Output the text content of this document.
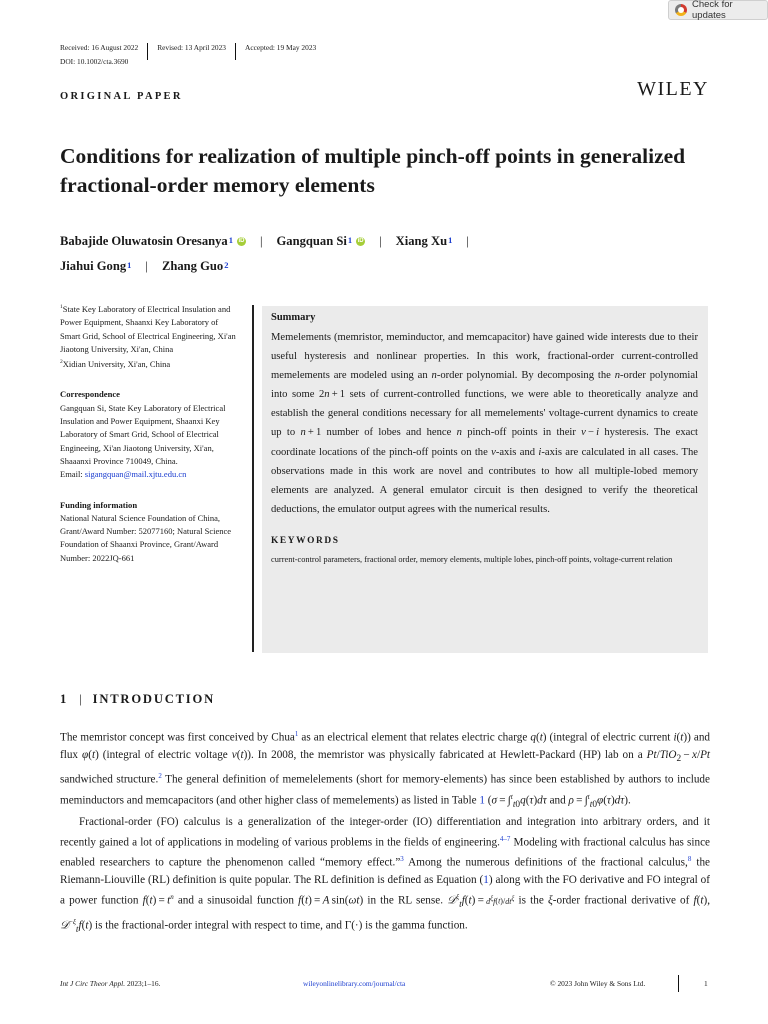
Check for updates
Received: 16 August 2022	Revised: 13 April 2023	Accepted: 19 May 2023
DOI: 10.1002/cta.3690
ORIGINAL PAPER	WILEY
Conditions for realization of multiple pinch-off points in generalized fractional-order memory elements
Babajide Oluwatosin Oresanya$^1$ iD | Gangquan Si$^1$ iD | Xiang Xu$^1$ |
Jiahui Gong$^1$ | Zhang Guo$^2$

$^1$State Key Laboratory of Electrical Insulation and Power Equipment, Shaanxi Key Laboratory of Smart Grid, School of Electrical Engineering, Xi'an Jiaotong University, Xi'an, China

$^2$Xidian University, Xi'an, China

Correspondence

Gangquan Si, State Key Laboratory of Electrical Insulation and Power Equipment, Shaanxi Key Laboratory of Smart Grid, School of Electrical Engineeing, Xi'an Jiaotong University, Xi'an, Shaaanxi Province 710049, China.
Email: sigangquan@mail.xjtu.edu.cn

Funding information

National Natural Science Foundation of China, Grant/Award Number: 52077160; Natural Science Foundation of Shaanxi Province, Grant/Award Number: 2022JQ-661

Summary

Memelements (memristor, meminductor, and memcapacitor) have gained wide interests due to their useful hysteresis and nonlinear properties. In this work, fractional-order current-controlled memelements are modeled using an n-order polynomial. By decomposing the n-order polynomial into some 2n + 1 sets of current-controlled functions, we were able to theoretically analyze and establish the general conditions necessary for all memelements' voltage-current dynamics to create up to n + 1 number of lobes and hence n pinch-off points in their v − i hysteresis. The exact coordinate locations of the pinch-off points on the v-axis and i-axis are calculated in all cases. The observations made in this work are novel and contributes to how all multiple-lobed memory elements are analyzed. A general emulator circuit is then designed to verify the theoretical deductions, the emulator output agrees with the numerical results.

KEYWORDS

current-control parameters, fractional order, memory elements, multiple lobes, pinch-off points, voltage-current relation

1 | INTRODUCTION

The memristor concept was first conceived by Chua$^1$ as an electrical element that relates electric charge q(t) (integral of electric current i(t)) and flux φ(t) (integral of electric voltage v(t)). In 2008, the memristor was physically fabricated at Hewlett-Packard (HP) lab on a Pt/TiO$_2$ − x/Pt sandwiched structure.$^2$ The general definition of memelelements (short for memory-elements) has since been established by authors to include meminductors and memcapacitors (and other higher class of memelements) as listed in Table 1 (σ = ∫$^t_{t0}$q(τ)dτ and ρ = ∫$^t_{t0}$φ(τ)dτ).

Fractional-order (FO) calculus is a generalization of the integer-order (IO) differentiation and integration into arbitrary orders, and it recently gained a lot of applications in modeling of various problems in the fields of engineering.$^{4-7}$ Modeling with fractional calculus has since enabled researchers to capture the phenomenon called “memory effect.”$^3$ Among the numerous definitions of the fractional calculus,$^8$ the Riemann-Liouville (RL) definition is quite popular. The RL definition is defined as Equation (1) along with the FO derivative and FO integral of a power function $f(t) = t^n$ and a sinusoidal function f(t) = A sin(ωt) in the RL sense. 𝒟$^\xi_t$f(t) = $d^\xi f(t)/dt^\xi$ is the ξ-order fractional derivative of f(t), 𝒟$^{-\xi}_t$f(t) is the fractional-order integral with respect to time, and Γ(·) is the gamma function.

Int J Circ Theor Appl. 2023;1–16.	wileyonlinelibrary.com/journal/cta	© 2023 John Wiley & Sons Ltd.	1
